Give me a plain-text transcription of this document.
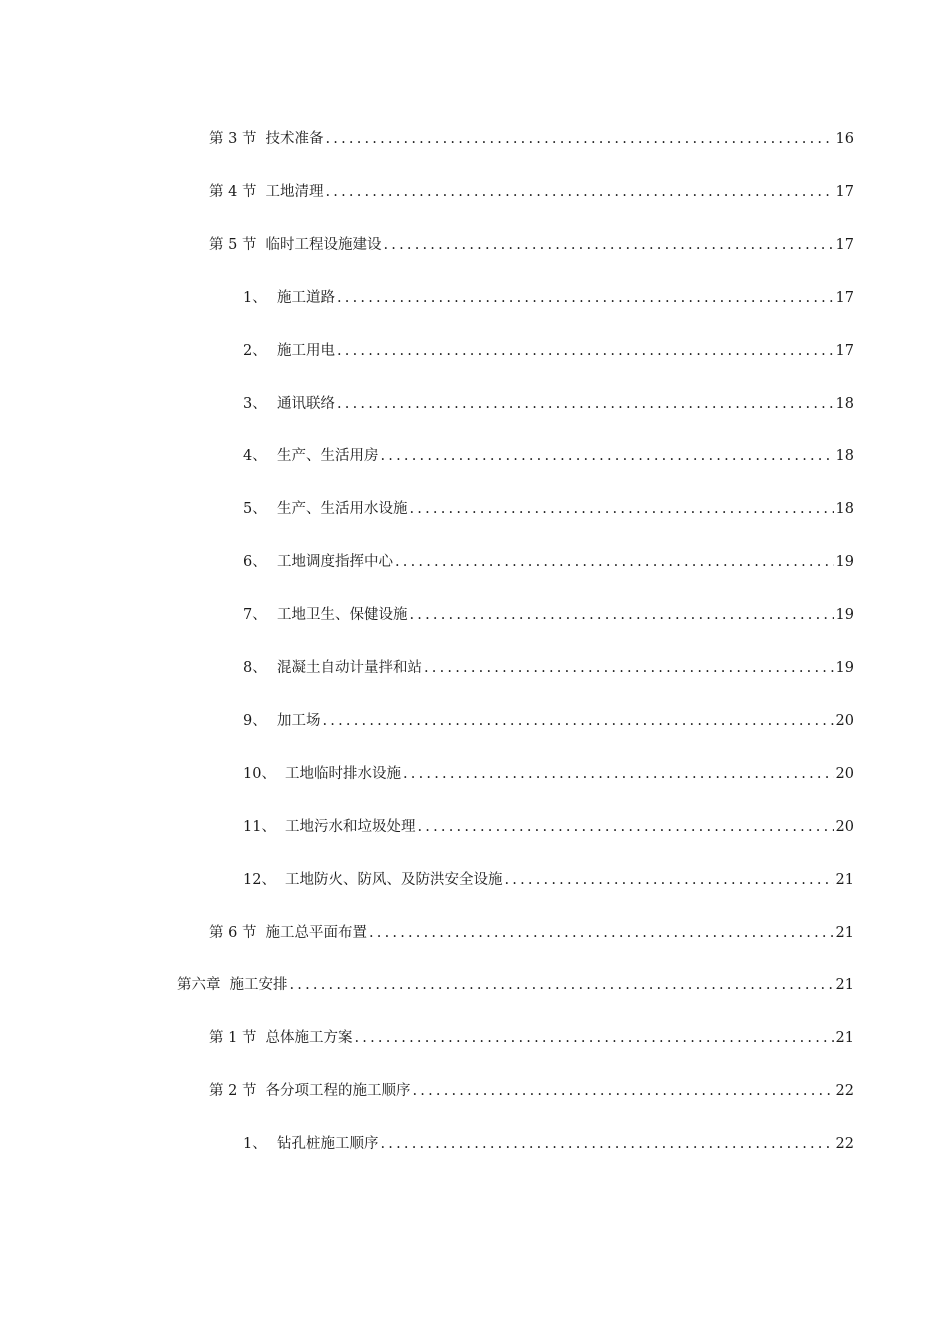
第 3 节 技术准备 .....	16
第 4 节 工地清理 .....	17
第 5 节 临时工程设施建设 .....	17
1、 施工道路 .....	17
2、 施工用电 .....	17
3、 通讯联络 .....	18
4、 生产、生活用房 .....	18
5、 生产、生活用水设施 .....	18
6、 工地调度指挥中心 .....	19
7、 工地卫生、保健设施 .....	19
8、 混凝土自动计量拌和站 .....	19
9、 加工场 .....	20
10、 工地临时排水设施 .....	20
11、 工地污水和垃圾处理 .....	20
12、 工地防火、防风、及防洪安全设施 .....	21
第 6 节 施工总平面布置 .....	21
第六章 施工安排 .....	21
第 1 节 总体施工方案 .....	21
第 2 节 各分项工程的施工顺序 .....	22
1、 钻孔桩施工顺序 .....	22
